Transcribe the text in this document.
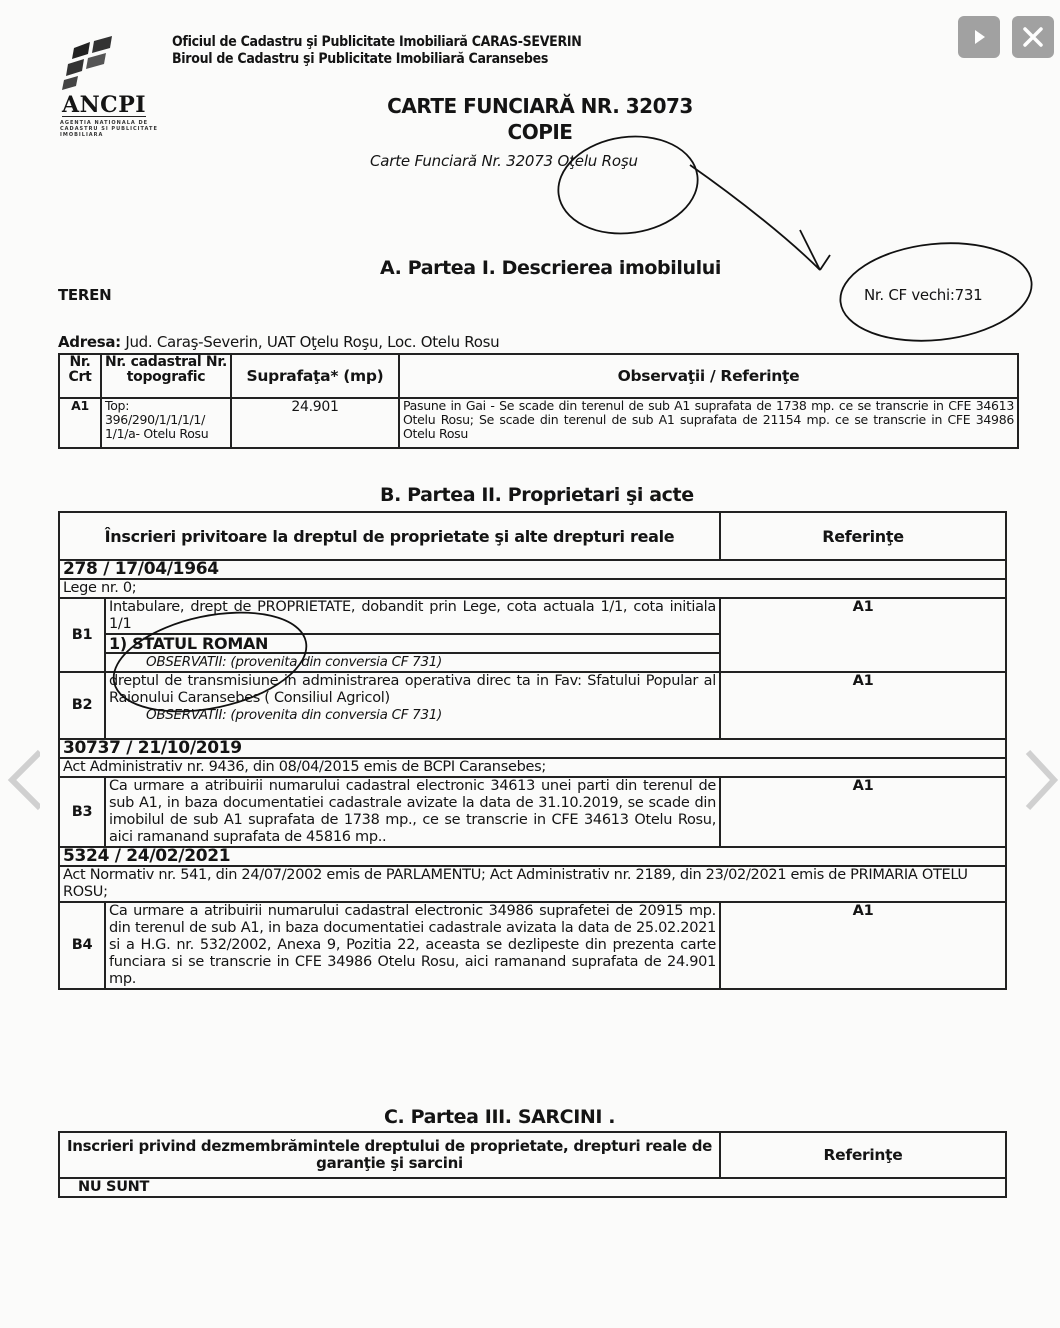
ANCPI
AGENTIA NATIONALA DE CADASTRU SI PUBLICITATE IMOBILIARA
Oficiul de Cadastru şi Publicitate Imobiliară CARAS-SEVERIN
Biroul de Cadastru şi Publicitate Imobiliară Caransebes
CARTE FUNCIARĂ NR. 32073
COPIE
Carte Funciară Nr. 32073 Oţelu Roşu
A. Partea I. Descrierea imobilului
TEREN	Nr. CF vechi:731
Adresa: Jud. Caraş-Severin, UAT Oţelu Roşu, Loc. Otelu Rosu
Nr. Crt	Nr. cadastral Nr. topografic	Suprafaţa* (mp)	Observaţii / Referinţe
A1	Top: 396/290/1/1/1/1/ 1/1/a- Otelu Rosu	24.901	Pasune in Gai - Se scade din terenul de sub A1 suprafata de 1738 mp. ce se transcrie in CFE 34613 Otelu Rosu; Se scade din terenul de sub A1 suprafata de 21154 mp. ce se transcrie in CFE 34986 Otelu Rosu
B. Partea II. Proprietari şi acte
Înscrieri privitoare la dreptul de proprietate şi alte drepturi reale		Referinţe
278 / 17/04/1964		
Lege nr. 0;		
B1	Intabulare, drept de PROPRIETATE, dobandit prin Lege, cota actuala 1/1, cota initiala 1/1
1) STATUL ROMAN
OBSERVATII: (provenita din conversia CF 731)	A1
B2	dreptul de transmisiune in administrarea operativa direc ta in Fav: Sfatului Popular al Raionului Caransebes ( Consiliul Agricol)
OBSERVATII: (provenita din conversia CF 731)	A1
30737 / 21/10/2019		
Act Administrativ nr. 9436, din 08/04/2015 emis de BCPI Caransebes;		
B3	Ca urmare a atribuirii numarului cadastral electronic 34613 unei parti din terenul de sub A1, in baza documentatiei cadastrale avizate la data de 31.10.2019, se scade din imobilul de sub A1 suprafata de 1738 mp., ce se transcrie in CFE 34613 Otelu Rosu, aici ramanand suprafata de 45816 mp..	A1
5324 / 24/02/2021		
Act Normativ nr. 541, din 24/07/2002 emis de PARLAMENTU; Act Administrativ nr. 2189, din 23/02/2021 emis de PRIMARIA OTELU ROSU;		
B4	Ca urmare a atribuirii numarului cadastral electronic 34986 suprafetei de 20915 mp. din terenul de sub A1, in baza documentatiei cadastrale avizata la data de 25.02.2021 si a H.G. nr. 532/2002, Anexa 9, Pozitia 22, aceasta se dezlipeste din prezenta carte funciara si se transcrie in CFE 34986 Otelu Rosu, aici ramanand suprafata de 24.901 mp.	A1
C. Partea III. SARCINI .
Inscrieri privind dezmembrămintele dreptului de proprietate, drepturi reale de garanţie şi sarcini	Referinţe
NU SUNT
